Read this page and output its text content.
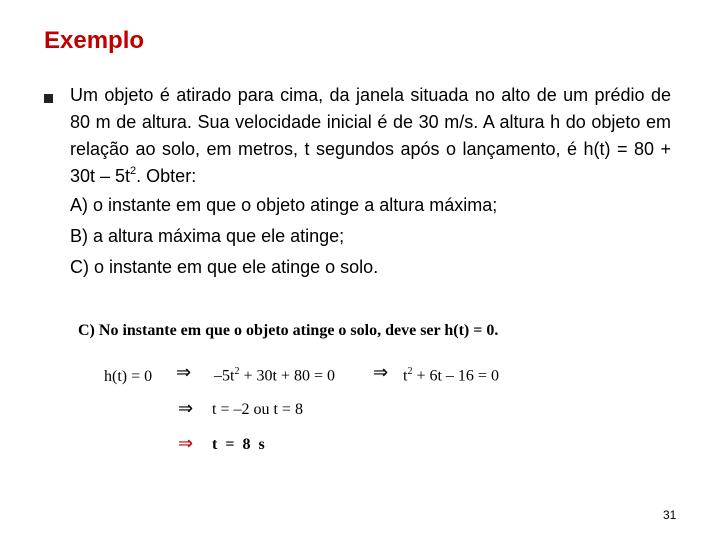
Exemplo
Um objeto é atirado para cima, da janela situada no alto de um prédio de 80 m de altura. Sua velocidade inicial é de 30 m/s. A altura h do objeto em relação ao solo, em metros, t segundos após o lançamento, é $h(t) = 80 + 30t - 5t^2$. Obter:
A) o instante em que o objeto atinge a altura máxima;
B) a altura máxima que ele atinge;
C) o instante em que ele atinge o solo.
C) No instante em que o objeto atinge o solo, deve ser h(t) = 0.
h(t) = 0 ⇒ $-5t^2 + 30t + 80 = 0$ ⇒ $t^2 + 6t - 16 = 0$
⇒ t = –2 ou t = 8
⇒ t = 8 s
31
